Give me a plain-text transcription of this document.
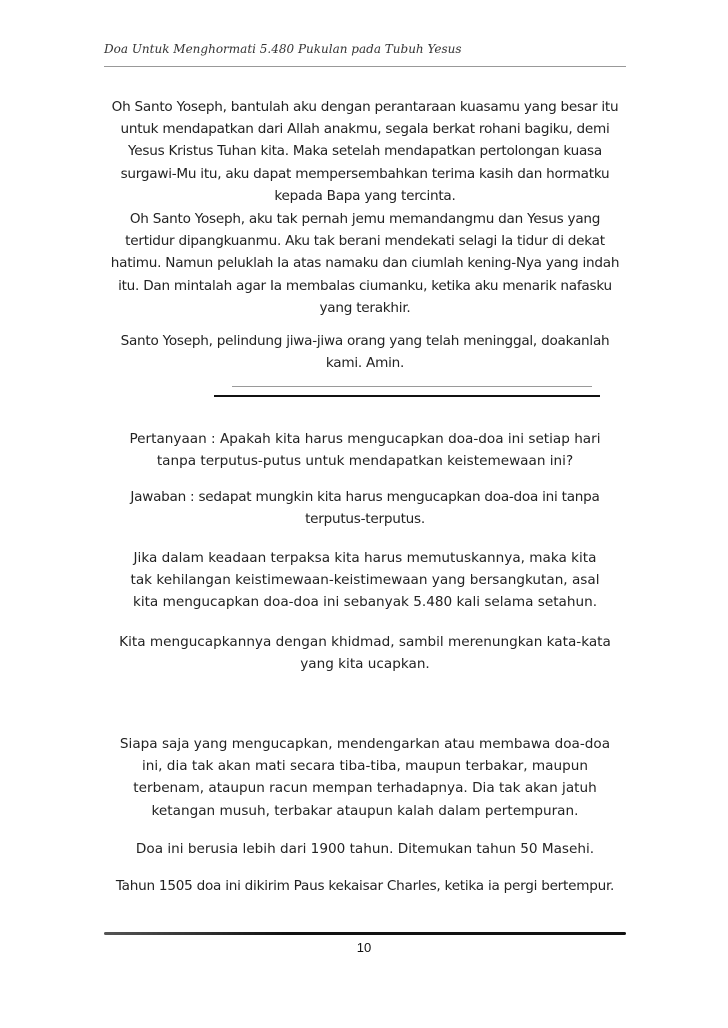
Doa Untuk Menghormati 5.480 Pukulan pada Tubuh Yesus
Oh Santo Yoseph, bantulah aku dengan perantaraan kuasamu yang besar itu untuk mendapatkan dari Allah anakmu, segala berkat rohani bagiku, demi Yesus Kristus Tuhan kita. Maka setelah mendapatkan pertolongan kuasa surgawi-Mu itu, aku dapat mempersembahkan terima kasih dan hormatku kepada Bapa yang tercinta.
Oh Santo Yoseph, aku tak pernah jemu memandangmu dan Yesus yang tertidur dipangkuanmu. Aku tak berani mendekati selagi Ia tidur di dekat hatimu. Namun peluklah Ia atas namaku dan ciumlah kening-Nya yang indah itu. Dan mintalah agar Ia membalas ciumanku, ketika aku menarik nafasku yang terakhir.
Santo Yoseph, pelindung jiwa-jiwa orang yang telah meninggal, doakanlah kami. Amin.
Pertanyaan : Apakah kita harus mengucapkan doa-doa ini setiap hari tanpa terputus-putus untuk mendapatkan keistemewaan ini?
Jawaban : sedapat mungkin kita harus mengucapkan doa-doa ini tanpa terputus-terputus.
Jika dalam keadaan terpaksa kita harus memutuskannya, maka kita tak kehilangan keistimewaan-keistimewaan yang bersangkutan, asal kita mengucapkan doa-doa ini sebanyak 5.480 kali selama setahun.
Kita mengucapkannya dengan khidmad, sambil merenungkan kata-kata yang kita ucapkan.
Siapa saja yang mengucapkan, mendengarkan atau membawa doa-doa ini, dia tak akan mati secara tiba-tiba, maupun terbakar, maupun terbenam, ataupun racun mempan terhadapnya. Dia tak akan jatuh ketangan musuh, terbakar ataupun kalah dalam pertempuran.
Doa ini berusia lebih dari 1900 tahun. Ditemukan tahun 50 Masehi.
Tahun 1505 doa ini dikirim Paus kekaisar Charles, ketika ia pergi bertempur.
10
